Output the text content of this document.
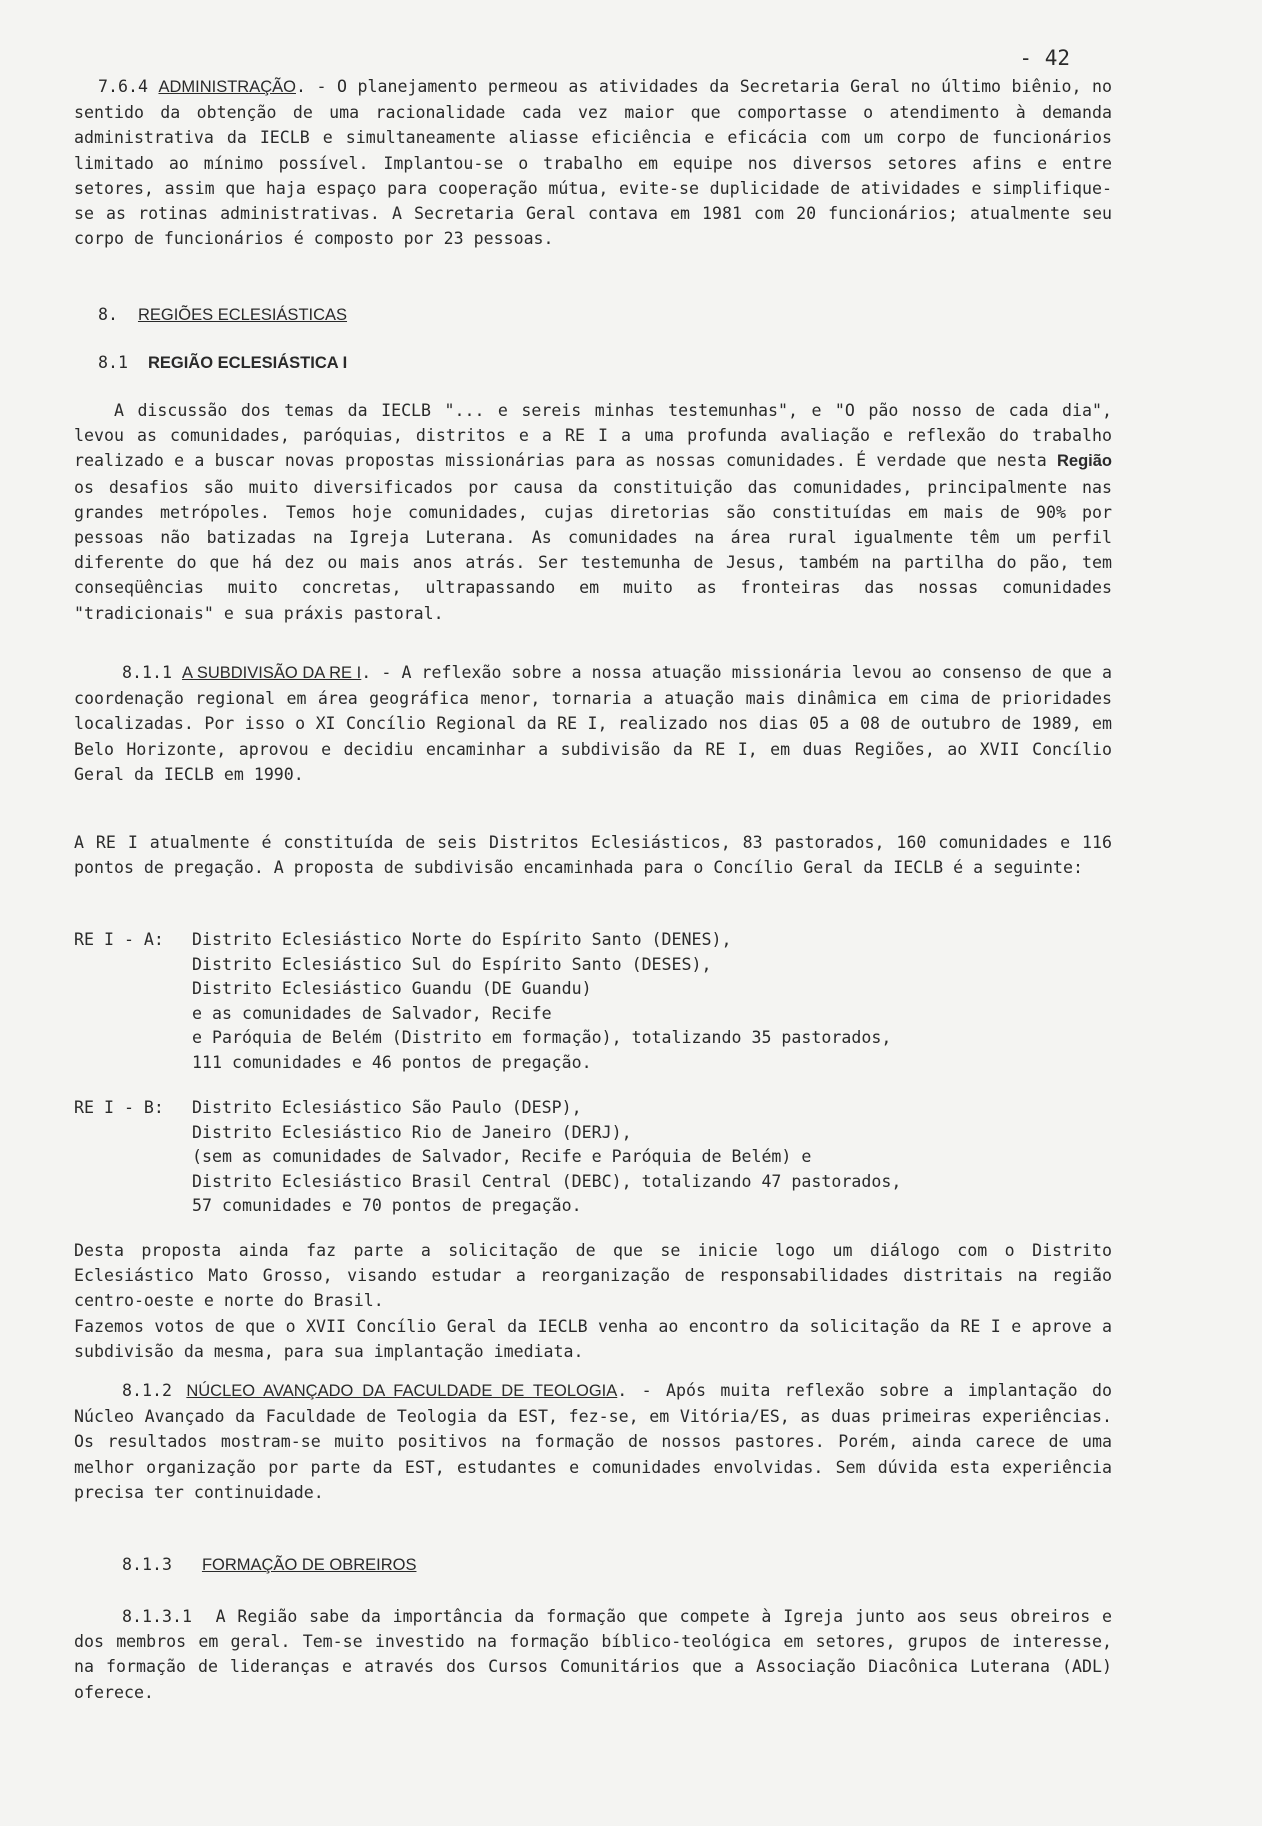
- 42

7.6.4 ADMINISTRAÇÃO. - O planejamento permeou as atividades da Secretaria Geral no último biênio, no sentido da obtenção de uma racionalidade cada vez maior que comportasse o atendimento à demanda administrativa da IECLB e simultaneamente aliasse eficiência e eficácia com um corpo de funcionários limitado ao mínimo possível. Implantou-se o trabalho em equipe nos diversos setores afins e entre setores, assim que haja espaço para cooperação mútua, evite-se duplicidade de atividades e simplifique-se as rotinas administrativas. A Secretaria Geral contava em 1981 com 20 funcionários; atualmente seu corpo de funcionários é composto por 23 pessoas.

8. REGIÕES ECLESIÁSTICAS

8.1 REGIÃO ECLESIÁSTICA I

A discussão dos temas da IECLB "... e sereis minhas testemunhas", e "O pão nosso de cada dia", levou as comunidades, paróquias, distritos e a RE I a uma profunda avaliação e reflexão do trabalho realizado e a buscar novas propostas missionárias para as nossas comunidades. É verdade que nesta Região os desafios são muito diversificados por causa da constituição das comunidades, principalmente nas grandes metrópoles. Temos hoje comunidades, cujas diretorias são constituídas em mais de 90% por pessoas não batizadas na Igreja Luterana. As comunidades na área rural igualmente têm um perfil diferente do que há dez ou mais anos atrás. Ser testemunha de Jesus, também na partilha do pão, tem conseqüências muito concretas, ultrapassando em muito as fronteiras das nossas comunidades "tradicionais" e sua práxis pastoral.

8.1.1 A SUBDIVISÃO DA RE I. - A reflexão sobre a nossa atuação missionária levou ao consenso de que a coordenação regional em área geográfica menor, tornaria a atuação mais dinâmica em cima de prioridades localizadas. Por isso o XI Concílio Regional da RE I, realizado nos dias 05 a 08 de outubro de 1989, em Belo Horizonte, aprovou e decidiu encaminhar a subdivisão da RE I, em duas Regiões, ao XVII Concílio Geral da IECLB em 1990.

A RE I atualmente é constituída de seis Distritos Eclesiásticos, 83 pastorados, 160 comunidades e 116 pontos de pregação. A proposta de subdivisão encaminhada para o Concílio Geral da IECLB é a seguinte:

RE I - A:	Distrito Eclesiástico Norte do Espírito Santo (DENES),
Distrito Eclesiástico Sul do Espírito Santo (DESES),
Distrito Eclesiástico Guandu (DE Guandu)
e as comunidades de Salvador, Recife
e Paróquia de Belém (Distrito em formação), totalizando 35 pastorados,
111 comunidades e 46 pontos de pregação.
RE I - B:	Distrito Eclesiástico São Paulo (DESP),
Distrito Eclesiástico Rio de Janeiro (DERJ),
(sem as comunidades de Salvador, Recife e Paróquia de Belém) e
Distrito Eclesiástico Brasil Central (DEBC), totalizando 47 pastorados,
57 comunidades e 70 pontos de pregação.

Desta proposta ainda faz parte a solicitação de que se inicie logo um diálogo com o Distrito Eclesiástico Mato Grosso, visando estudar a reorganização de responsabilidades distritais na região centro-oeste e norte do Brasil.

Fazemos votos de que o XVII Concílio Geral da IECLB venha ao encontro da solicitação da RE I e aprove a subdivisão da mesma, para sua implantação imediata.

8.1.2 NÚCLEO AVANÇADO DA FACULDADE DE TEOLOGIA. - Após muita reflexão sobre a implantação do Núcleo Avançado da Faculdade de Teologia da EST, fez-se, em Vitória/ES, as duas primeiras experiências. Os resultados mostram-se muito positivos na formação de nossos pastores. Porém, ainda carece de uma melhor organização por parte da EST, estudantes e comunidades envolvidas. Sem dúvida esta experiência precisa ter continuidade.

8.1.3 FORMAÇÃO DE OBREIROS

8.1.3.1 A Região sabe da importância da formação que compete à Igreja junto aos seus obreiros e dos membros em geral. Tem-se investido na formação bíblico-teológica em setores, grupos de interesse, na formação de lideranças e através dos Cursos Comunitários que a Associação Diacônica Luterana (ADL) oferece.
